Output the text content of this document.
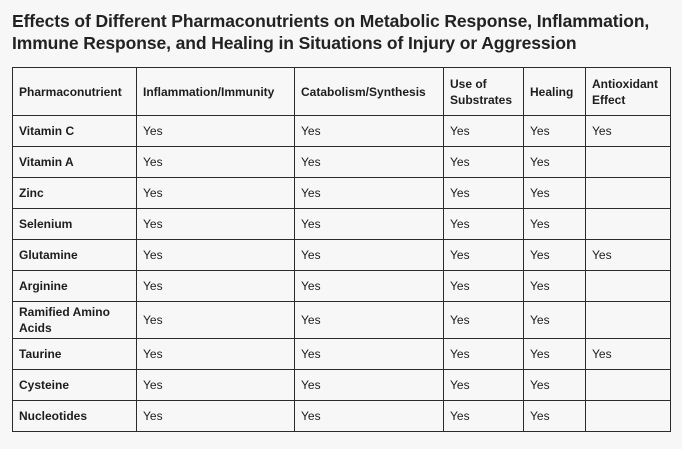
Effects of Different Pharmaconutrients on Metabolic Response, Inflammation, Immune Response, and Healing in Situations of Injury or Aggression
Pharmaconutrient	Inflammation/Immunity	Catabolism/Synthesis	Use of Substrates	Healing	Antioxidant Effect
Vitamin C	Yes	Yes	Yes	Yes	Yes
Vitamin A	Yes	Yes	Yes	Yes	
Zinc	Yes	Yes	Yes	Yes	
Selenium	Yes	Yes	Yes	Yes	
Glutamine	Yes	Yes	Yes	Yes	Yes
Arginine	Yes	Yes	Yes	Yes	
Ramified Amino Acids	Yes	Yes	Yes	Yes	
Taurine	Yes	Yes	Yes	Yes	Yes
Cysteine	Yes	Yes	Yes	Yes	
Nucleotides	Yes	Yes	Yes	Yes	
